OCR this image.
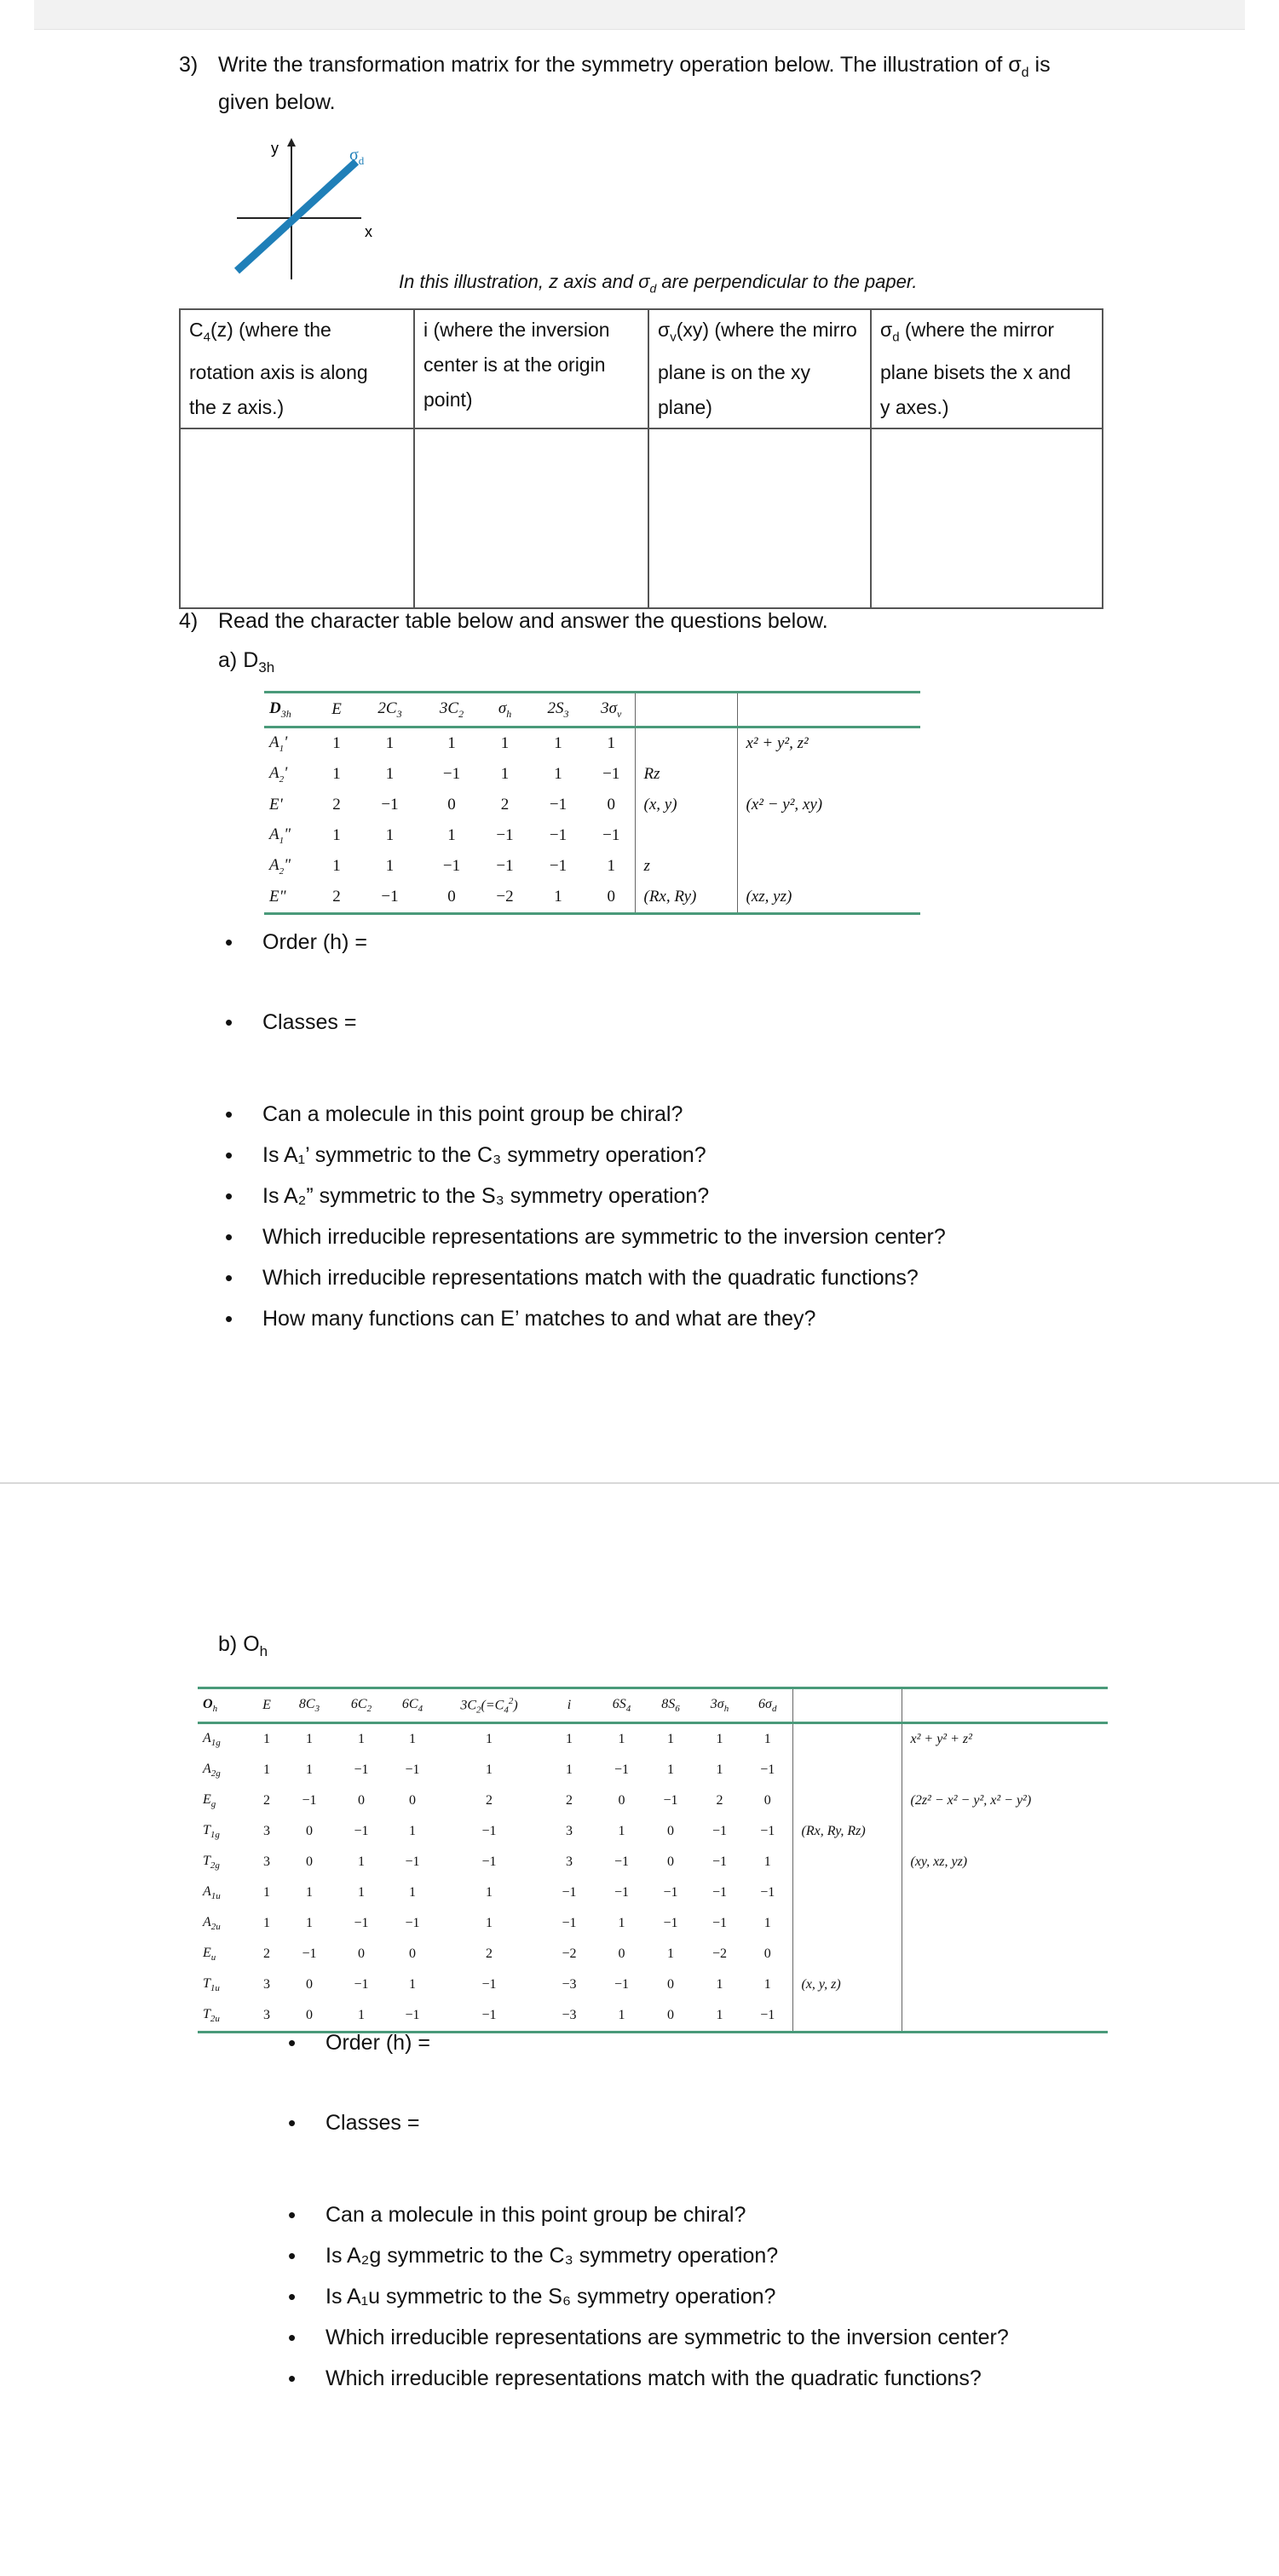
3) Write the transformation matrix for the symmetry operation below. The illustration of $\sigma_d$ is
given below.
y
x
$\sigma_d$
In this illustration, z axis and $\sigma_d$ are perpendicular to the paper.
$C_4(z)$ (where the
rotation axis is along
the z axis.)	i (where the inversion
center is at the origin
point)	$\sigma_v(xy)$ (where the mirro
plane is on the xy
plane)	$\sigma_d$ (where the mirror
plane bisets the x and
y axes.)

4) Read the character table below and answer the questions below.
a) $D_{3h}$
$D_{3h}$	E	$2C_3$	$3C_2$	$\sigma_h$	$2S_3$	$3\sigma_v$		
$A_1'$	1	1	1	1	1	1		x² + y², z²
$A_2'$	1	1	−1	1	1	−1	Rz	
E'	2	−1	0	2	−1	0	(x, y)	(x² − y², xy)
$A_1$"	1	1	1	−1	−1	−1		
$A_2$"	1	1	−1	−1	−1	1	z	
E"	2	−1	0	−2	1	0	(Rx, Ry)	(xz, yz)
• Order (h) =
• Classes =
• Can a molecule in this point group be chiral?
• Is A₁’ symmetric to the C₃ symmetry operation?
• Is A₂” symmetric to the S₃ symmetry operation?
• Which irreducible representations are symmetric to the inversion center?
• Which irreducible representations match with the quadratic functions?
• How many functions can E’ matches to and what are they?
b) $O_h$
$O_h$	E	$8C_3$	$6C_2$	$6C_4$	$3C_2(=C_4^2)$	i	$6S_4$	$8S_6$	$3\sigma_h$	$6\sigma_d$		
$A_{1g}$	1	1	1	1	1	1	1	1	1	1		x² + y² + z²
$A_{2g}$	1	1	−1	−1	1	1	−1	1	1	−1		
$E_g$	2	−1	0	0	2	2	0	−1	2	0		(2z² − x² − y², x² − y²)
$T_{1g}$	3	0	−1	1	−1	3	1	0	−1	−1	(Rx, Ry, Rz)	
$T_{2g}$	3	0	1	−1	−1	3	−1	0	−1	1		(xy, xz, yz)
$A_{1u}$	1	1	1	1	1	−1	−1	−1	−1	−1		
$A_{2u}$	1	1	−1	−1	1	−1	1	−1	−1	1		
$E_u$	2	−1	0	0	2	−2	0	1	−2	0		
$T_{1u}$	3	0	−1	1	−1	−3	−1	0	1	1	(x, y, z)	
$T_{2u}$	3	0	1	−1	−1	−3	1	0	1	−1		
• Order (h) =
• Classes =
• Can a molecule in this point group be chiral?
• Is A₂g symmetric to the C₃ symmetry operation?
• Is A₁u symmetric to the S₆ symmetry operation?
• Which irreducible representations are symmetric to the inversion center?
• Which irreducible representations match with the quadratic functions?
